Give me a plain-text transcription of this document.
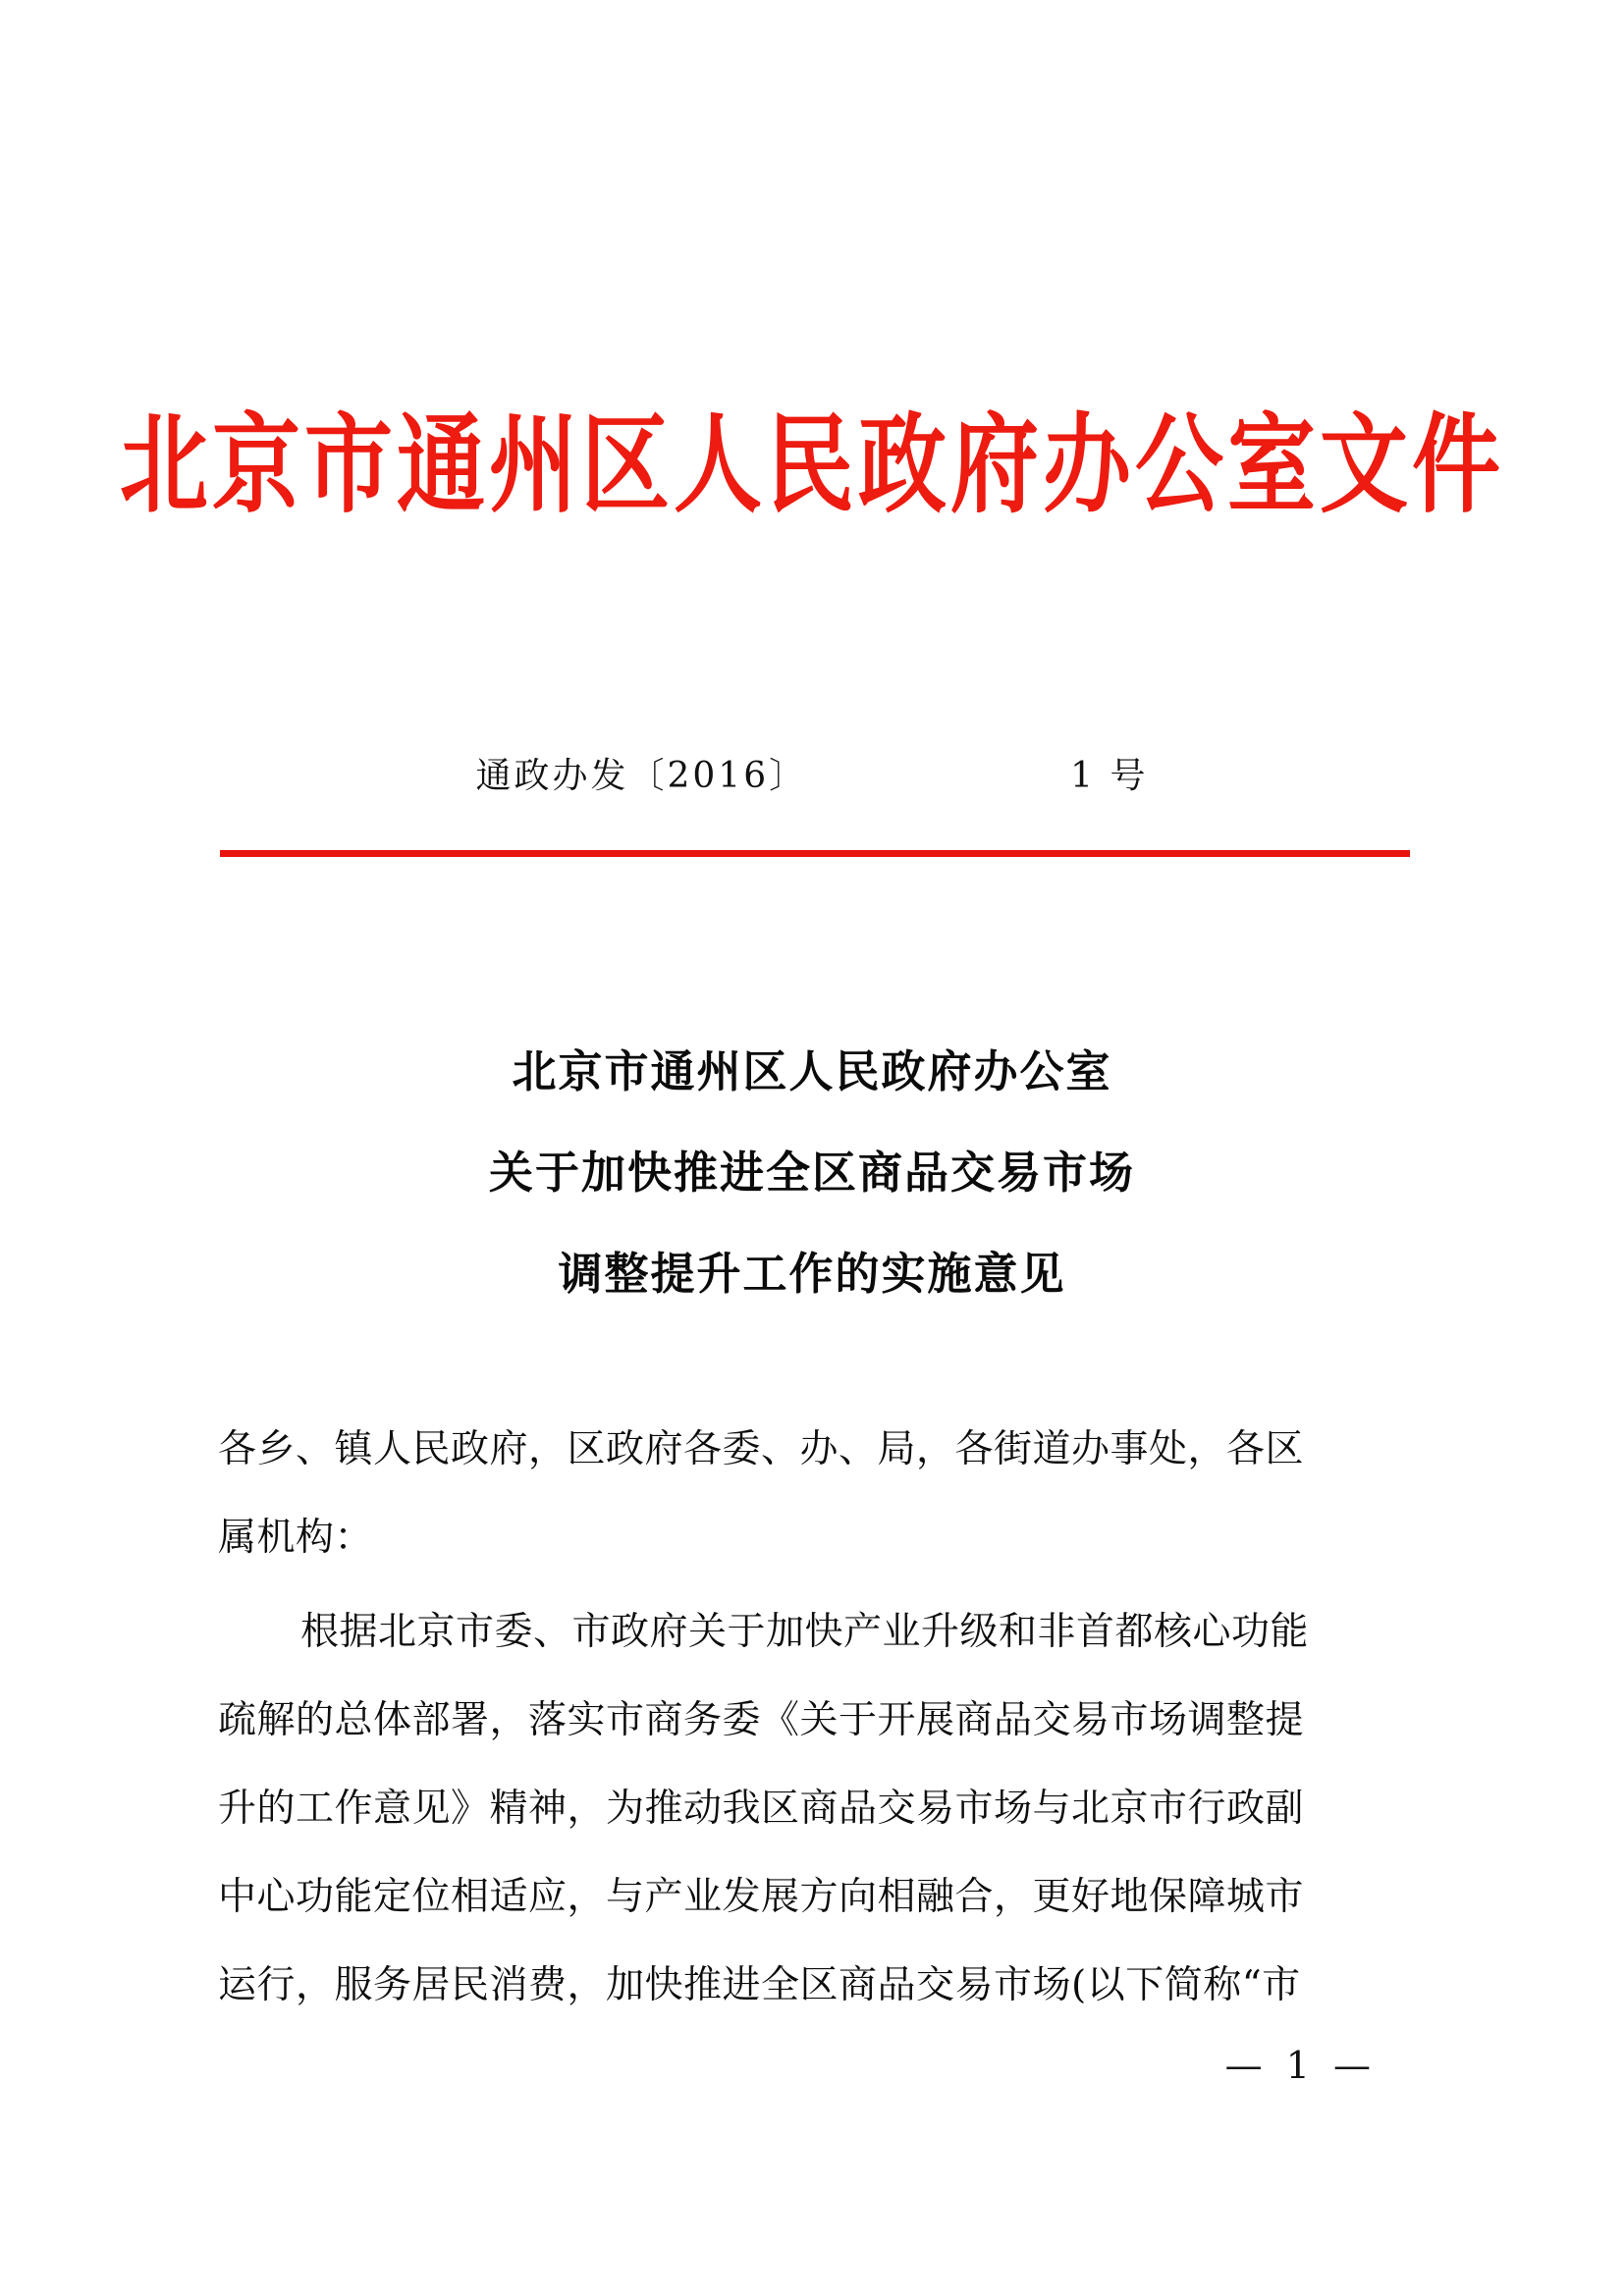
北京市通州区人民政府办公室文件
通政办发〔2016〕	1 号
北京市通州区人民政府办公室
关于加快推进全区商品交易市场
调整提升工作的实施意见
各乡、镇人民政府，区政府各委、办、局，各街道办事处，各区
属机构：
根据北京市委、市政府关于加快产业升级和非首都核心功能
疏解的总体部署，落实市商务委《关于开展商品交易市场调整提
升的工作意见》精神，为推动我区商品交易市场与北京市行政副
中心功能定位相适应，与产业发展方向相融合，更好地保障城市
运行，服务居民消费，加快推进全区商品交易市场(以下简称“市
— 1 —
